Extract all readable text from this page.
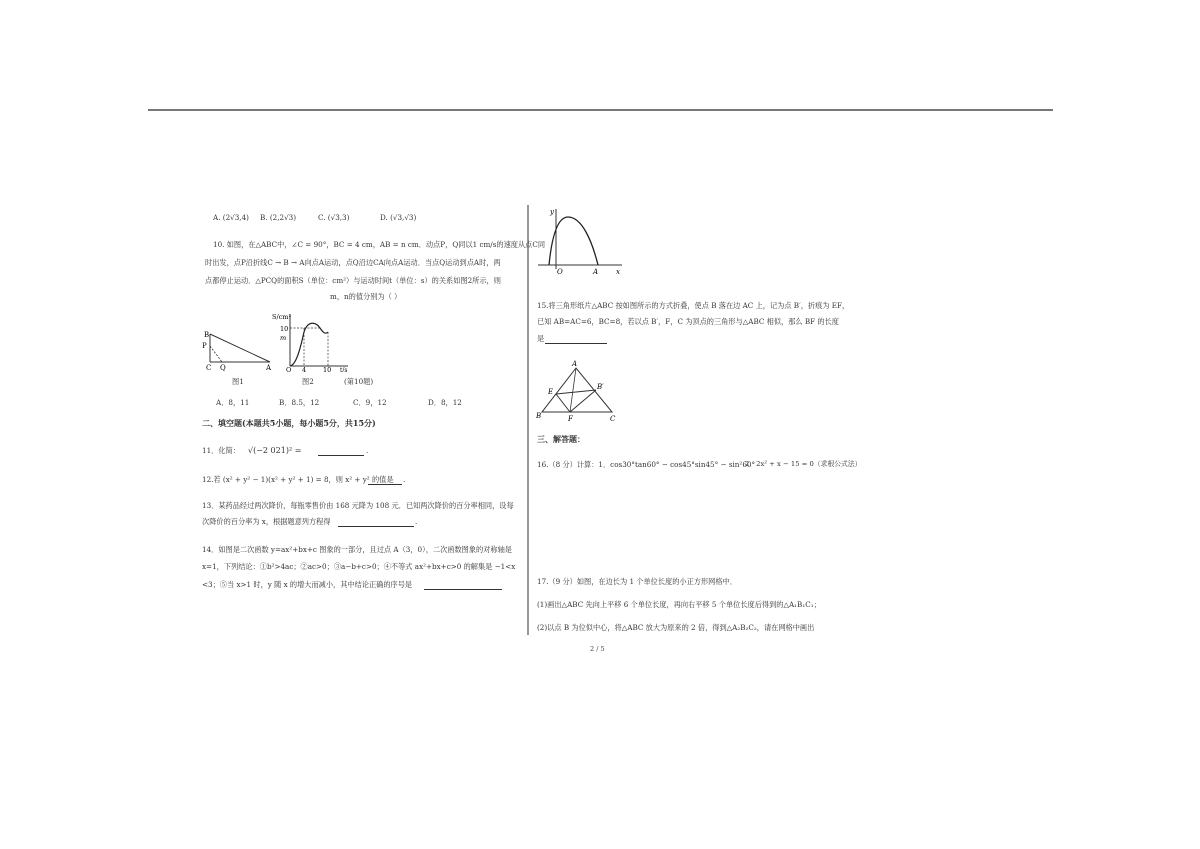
A. (2√3,4) B. (2,2√3)	C. (√3,3)	D. (√3,√3)
10. 如图，在△ABC中，∠C = 90°，BC = 4 cm，AB = n cm．动点P，Q同以1 cm/s的速度从点C同
时出发，点P沿折线C → B → A向点A运动，点Q沿边CA向点A运动．当点Q运动到点A时，两
点都停止运动．△PCQ的面积S（单位：cm²）与运动时间t（单位：s）的关系如图2所示，则
m，n的值分别为（ ）
B
P
C Q	A
S/cm²
10
m
O 4	10 t/s
图1	图2	(第10题)
A．8，11	B．8.5，12	C．9，12	D．8，12
二、填空题(本题共5小题，每小题5分，共15分)
11．化简： √(−2 021)² =	.
12.若 (x² + y² − 1)(x² + y² + 1) = 8，则 x² + y² 的值是 .
13．某药品经过两次降价，每瓶零售价由 168 元降为 108 元．已知两次降价的百分率相同，设每
次降价的百分率为 x，根据题意列方程得	.
14．如图是二次函数 y=ax²+bx+c 图象的一部分，且过点 A（3，0），二次函数图象的对称轴是
x=1，下列结论：①b²>4ac；②ac>0；③a−b+c>0；④不等式 ax²+bx+c>0 的解集是 −1<x
<3；⑤当 x>1 时，y 随 x 的增大而减小，其中结论正确的序号是
y
O	A	x
15.将三角形纸片△ABC 按如图所示的方式折叠，使点 B 落在边 AC 上，记为点 B′，折痕为 EF，
已知 AB=AC=6，BC=8，若以点 B′，F，C 为顶点的三角形与△ABC 相似，那么 BF 的长度
是
A
E
B′
B	F	C
三、解答题：
16.（8 分）计算：1．cos30°tan60° − cos45°sin45° − sin²60°
2．2x² + x − 15 = 0（求根公式法）
17.（9 分）如图，在边长为 1 个单位长度的小正方形网格中．
(1)画出△ABC 先向上平移 6 个单位长度，再向右平移 5 个单位长度后得到的△A₁B₁C₁；
(2)以点 B 为位似中心，将△ABC 放大为原来的 2 倍，得到△A₂B₂C₂，请在网格中画出
2 / 5
